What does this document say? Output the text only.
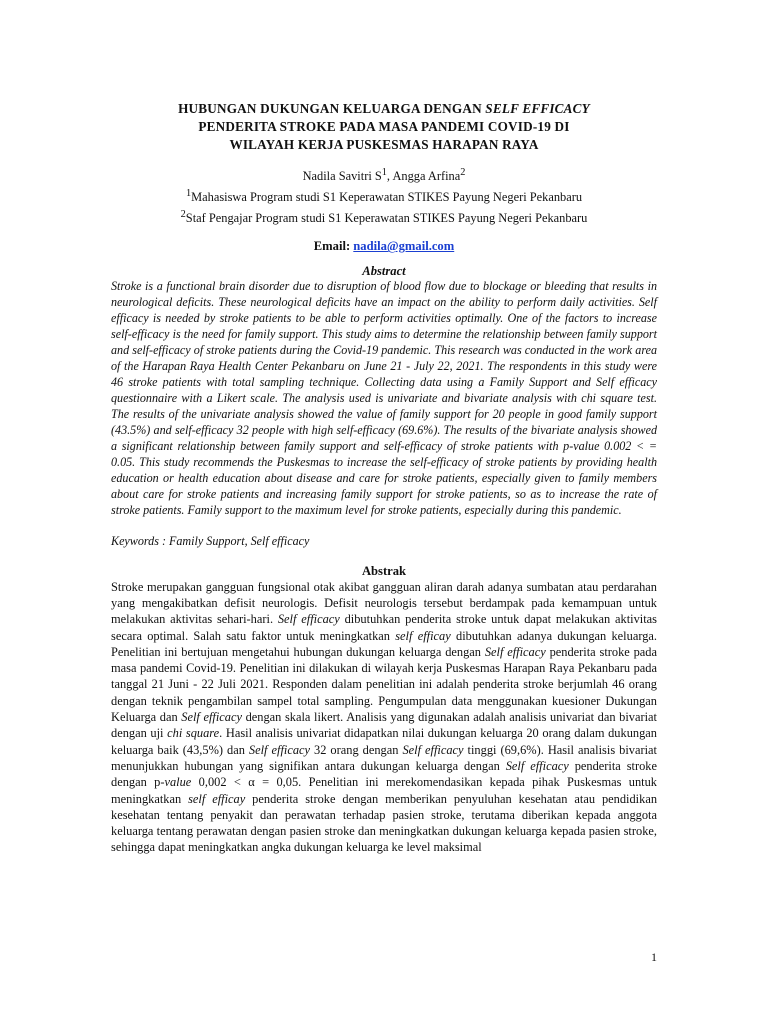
HUBUNGAN DUKUNGAN KELUARGA DENGAN SELF EFFICACY
PENDERITA STROKE PADA MASA PANDEMI COVID-19 DI
WILAYAH KERJA PUSKESMAS HARAPAN RAYA
Nadila Savitri $S^1$, Angga Arfina$^2$
$^1$Mahasiswa Program studi S1 Keperawatan STIKES Payung Negeri Pekanbaru
$^2$Staf Pengajar Program studi S1 Keperawatan STIKES Payung Negeri Pekanbaru
Email: nadila@gmail.com
Abstract

Stroke is a functional brain disorder due to disruption of blood flow due to blockage or bleeding that results in neurological deficits. These neurological deficits have an impact on the ability to perform daily activities. Self efficacy is needed by stroke patients to be able to perform activities optimally. One of the factors to increase self-efficacy is the need for family support. This study aims to determine the relationship between family support and self-efficacy of stroke patients during the Covid-19 pandemic. This research was conducted in the work area of the Harapan Raya Health Center Pekanbaru on June 21 - July 22, 2021. The respondents in this study were 46 stroke patients with total sampling technique. Collecting data using a Family Support and Self efficacy questionnaire with a Likert scale. The analysis used is univariate and bivariate analysis with chi square test. The results of the univariate analysis showed the value of family support for 20 people in good family support (43.5%) and self-efficacy 32 people with high self-efficacy (69.6%). The results of the bivariate analysis showed a significant relationship between family support and self-efficacy of stroke patients with p-value 0.002 < = 0.05. This study recommends the Puskesmas to increase the self-efficacy of stroke patients by providing health education or health education about disease and care for stroke patients, especially given to family members about care for stroke patients and increasing family support for stroke patients, so as to increase the rate of stroke patients. Family support to the maximum level for stroke patients, especially during this pandemic.

Keywords : Family Support, Self efficacy
Abstrak

Stroke merupakan gangguan fungsional otak akibat gangguan aliran darah adanya sumbatan atau perdarahan yang mengakibatkan defisit neurologis. Defisit neurologis tersebut berdampak pada kemampuan untuk melakukan aktivitas sehari-hari. Self efficacy dibutuhkan penderita stroke untuk dapat melakukan aktivitas secara optimal. Salah satu faktor untuk meningkatkan self efficay dibutuhkan adanya dukungan keluarga. Penelitian ini bertujuan mengetahui hubungan dukungan keluarga dengan Self efficacy penderita stroke pada masa pandemi Covid-19. Penelitian ini dilakukan di wilayah kerja Puskesmas Harapan Raya Pekanbaru pada tanggal 21 Juni - 22 Juli 2021. Responden dalam penelitian ini adalah penderita stroke berjumlah 46 orang dengan teknik pengambilan sampel total sampling. Pengumpulan data menggunakan kuesioner Dukungan Keluarga dan Self efficacy dengan skala likert. Analisis yang digunakan adalah analisis univariat dan bivariat dengan uji chi square. Hasil analisis univariat didapatkan nilai dukungan keluarga 20 orang dalam dukungan keluarga baik (43,5%) dan Self efficacy 32 orang dengan Self efficacy tinggi (69,6%). Hasil analisis bivariat menunjukkan hubungan yang signifikan antara dukungan keluarga dengan Self efficacy penderita stroke dengan p-value 0,002 < α = 0,05. Penelitian ini merekomendasikan kepada pihak Puskesmas untuk meningkatkan self efficay penderita stroke dengan memberikan penyuluhan kesehatan atau pendidikan kesehatan tentang penyakit dan perawatan terhadap pasien stroke, terutama diberikan kepada anggota keluarga tentang perawatan dengan pasien stroke dan meningkatkan dukungan keluarga kepada pasien stroke, sehingga dapat meningkatkan angka dukungan keluarga ke level maksimal

1
